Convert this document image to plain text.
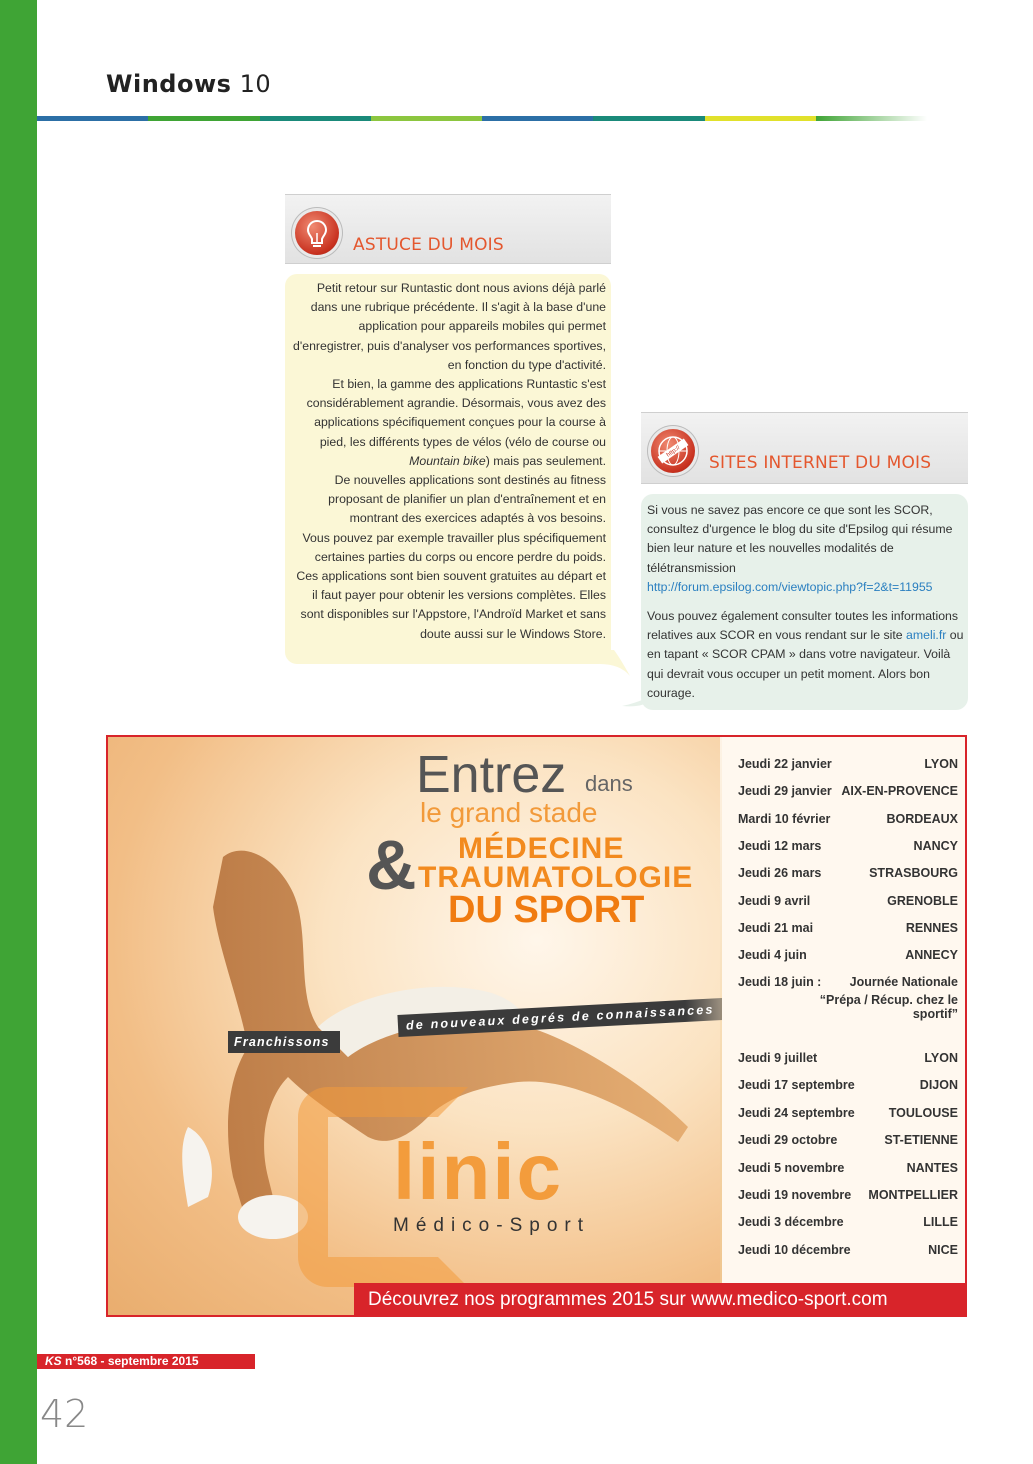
Windows 10
ASTUCE DU MOIS

Petit retour sur Runtastic dont nous avions déjà parlé dans une rubrique précédente. Il s'agit à la base d'une application pour appareils mobiles qui permet d'enregistrer, puis d'analyser vos performances sportives, en fonction du type d'activité.

Et bien, la gamme des applications Runtastic s'est considérablement agrandie. Désormais, vous avez des applications spécifiquement conçues pour la course à pied, les différents types de vélos (vélo de course ou

Mountain bike) mais pas seulement.

De nouvelles applications sont destinés au fitness proposant de planifier un plan d'entraînement et en montrant des exercices adaptés à vos besoins.

Vous pouvez par exemple travailler plus spécifiquement certaines parties du corps ou encore perdre du poids. Ces applications sont bien souvent gratuites au départ et il faut payer pour obtenir les versions complètes. Elles sont disponibles sur l'Appstore, l'Androïd Market et sans doute aussi sur le Windows Store.

http://
SITES INTERNET DU MOIS

Si vous ne savez pas encore ce que sont les SCOR, consultez d'urgence le blog du site d'Epsilog qui résume bien leur nature et les nouvelles modalités de télétransmission
http://forum.epsilog.com/viewtopic.php?f=2&t=11955

Vous pouvez également consulter toutes les informations relatives aux SCOR en vous rendant sur le site ameli.fr ou en tapant « SCOR CPAM » dans votre navigateur. Voilà qui devrait vous occuper un petit moment. Alors bon courage.

Entrez dans
le grand stade
& MÉDECINE
TRAUMATOLOGIE
DU SPORT
Franchissons
de nouveaux degrés de connaissances
linic
Médico-Sport
Jeudi 22 janvier	LYON
Jeudi 29 janvier AIX-EN-PROVENCE
Mardi 10 février	BORDEAUX
Jeudi 12 mars	NANCY
Jeudi 26 mars	STRASBOURG
Jeudi 9 avril	GRENOBLE
Jeudi 21 mai	RENNES
Jeudi 4 juin	ANNECY
Jeudi 18 juin : Journée Nationale
“Prépa / Récup. chez le sportif”
Jeudi 9 juillet	LYON
Jeudi 17 septembre	DIJON
Jeudi 24 septembre	TOULOUSE
Jeudi 29 octobre	ST-ETIENNE
Jeudi 5 novembre	NANTES
Jeudi 19 novembre MONTPELLIER
Jeudi 3 décembre	LILLE
Jeudi 10 décembre	NICE
Découvrez nos programmes 2015 sur www.medico-sport.com
KS n°568 - septembre 2015
42
